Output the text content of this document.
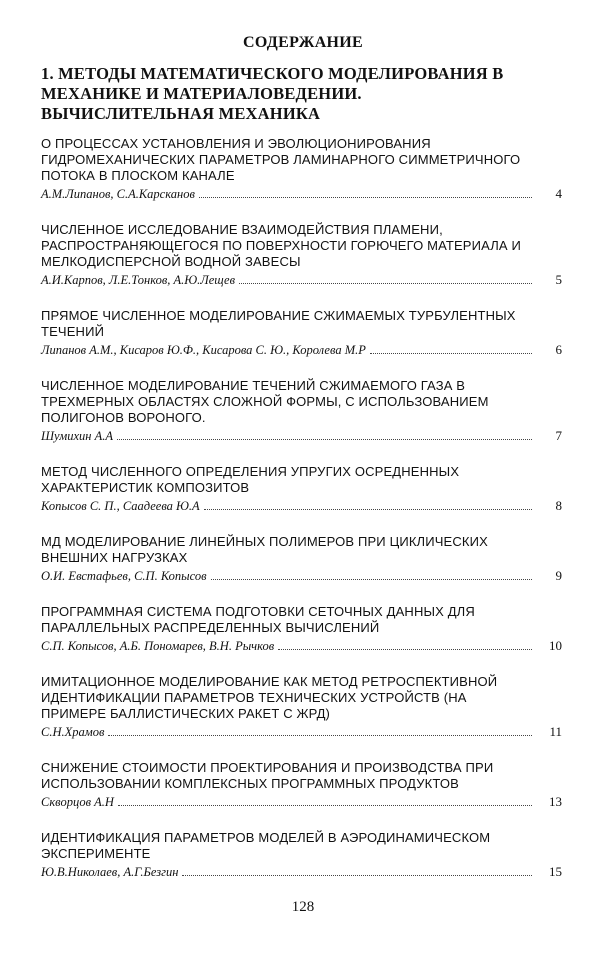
СОДЕРЖАНИЕ
1. МЕТОДЫ МАТЕМАТИЧЕСКОГО МОДЕЛИРОВАНИЯ В МЕХАНИКЕ И МАТЕРИАЛОВЕДЕНИИ. ВЫЧИСЛИТЕЛЬНАЯ МЕХАНИКА
О ПРОЦЕССАХ УСТАНОВЛЕНИЯ И ЭВОЛЮЦИОНИРОВАНИЯ ГИДРОМЕХАНИЧЕСКИХ ПАРАМЕТРОВ ЛАМИНАРНОГО СИММЕТРИЧНОГО ПОТОКА В ПЛОСКОМ КАНАЛЕ
А.М.Липанов, С.А.Карсканов	4
ЧИСЛЕННОЕ ИССЛЕДОВАНИЕ ВЗАИМОДЕЙСТВИЯ ПЛАМЕНИ, РАСПРОСТРАНЯЮЩЕГОСЯ ПО ПОВЕРХНОСТИ ГОРЮЧЕГО МАТЕРИАЛА И МЕЛКОДИСПЕРСНОЙ ВОДНОЙ ЗАВЕСЫ
А.И.Карпов, Л.Е.Тонков, А.Ю.Лещев	5
ПРЯМОЕ ЧИСЛЕННОЕ МОДЕЛИРОВАНИЕ СЖИМАЕМЫХ ТУРБУЛЕНТНЫХ ТЕЧЕНИЙ
Липанов А.М., Кисаров Ю.Ф., Кисарова С. Ю., Королева М.Р	6
ЧИСЛЕННОЕ МОДЕЛИРОВАНИЕ ТЕЧЕНИЙ СЖИМАЕМОГО ГАЗА В ТРЕХМЕРНЫХ ОБЛАСТЯХ СЛОЖНОЙ ФОРМЫ, С ИСПОЛЬЗОВАНИЕМ ПОЛИГОНОВ ВОРОНОГО.
Шумихин А.А	7
МЕТОД ЧИСЛЕННОГО ОПРЕДЕЛЕНИЯ УПРУГИХ ОСРЕДНЕННЫХ ХАРАКТЕРИСТИК КОМПОЗИТОВ
Копысов С. П., Саадеева Ю.А	8
МД МОДЕЛИРОВАНИЕ ЛИНЕЙНЫХ ПОЛИМЕРОВ ПРИ ЦИКЛИЧЕСКИХ ВНЕШНИХ НАГРУЗКАХ
О.И. Евстафьев, С.П. Копысов	9
ПРОГРАММНАЯ СИСТЕМА ПОДГОТОВКИ СЕТОЧНЫХ ДАННЫХ ДЛЯ ПАРАЛЛЕЛЬНЫХ РАСПРЕДЕЛЕННЫХ ВЫЧИСЛЕНИЙ
С.П. Копысов, А.Б. Пономарев, В.Н. Рычков	10
ИМИТАЦИОННОЕ МОДЕЛИРОВАНИЕ КАК МЕТОД РЕТРОСПЕКТИВНОЙ ИДЕНТИФИКАЦИИ ПАРАМЕТРОВ ТЕХНИЧЕСКИХ УСТРОЙСТВ (НА ПРИМЕРЕ БАЛЛИСТИЧЕСКИХ РАКЕТ С ЖРД)
С.Н.Храмов	11
СНИЖЕНИЕ СТОИМОСТИ ПРОЕКТИРОВАНИЯ И ПРОИЗВОДСТВА ПРИ ИСПОЛЬЗОВАНИИ КОМПЛЕКСНЫХ ПРОГРАММНЫХ ПРОДУКТОВ
Скворцов А.Н	13
ИДЕНТИФИКАЦИЯ ПАРАМЕТРОВ МОДЕЛЕЙ В АЭРОДИНАМИЧЕСКОМ ЭКСПЕРИМЕНТЕ
Ю.В.Николаев, А.Г.Безгин	15
128
